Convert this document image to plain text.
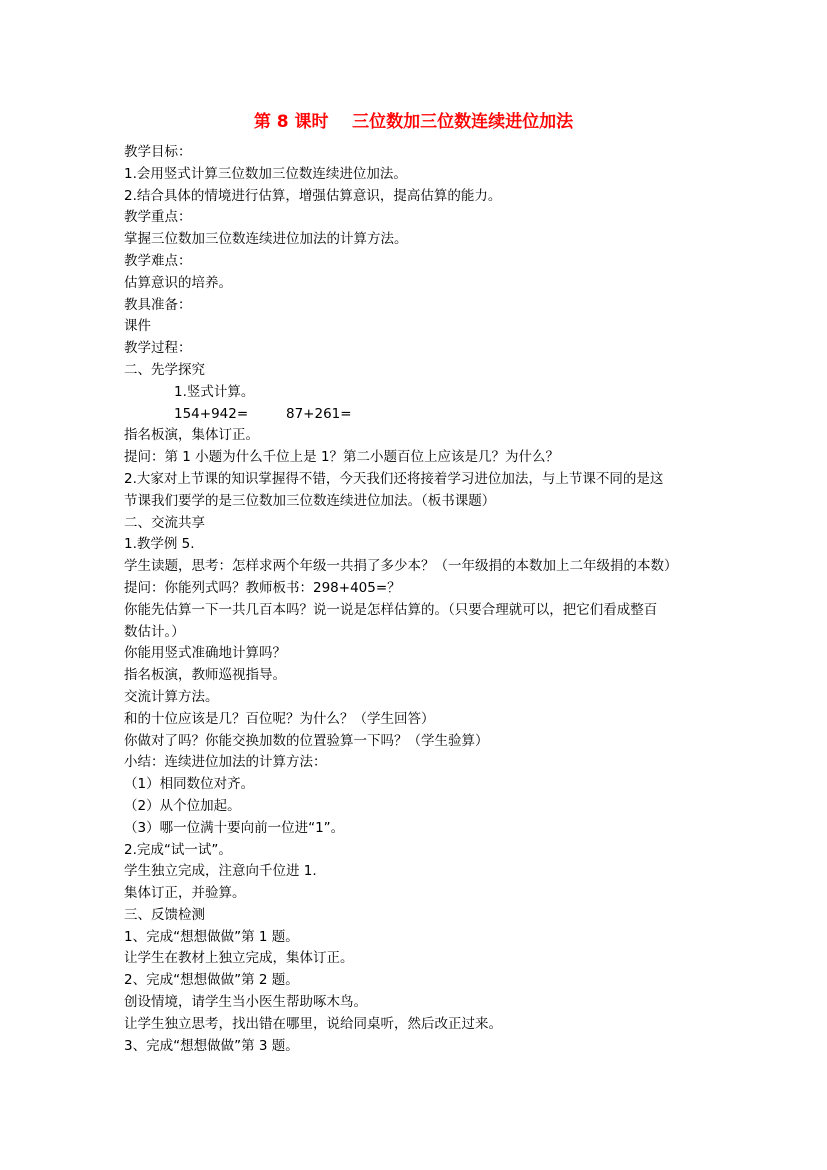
第 8 课时    三位数加三位数连续进位加法
教学目标：
1.会用竖式计算三位数加三位数连续进位加法。
2.结合具体的情境进行估算，增强估算意识，提高估算的能力。
教学重点：
掌握三位数加三位数连续进位加法的计算方法。
教学难点：
估算意识的培养。
教具准备：
课件
教学过程：
二、先学探究
1.竖式计算。
154+942=	87+261=
指名板演，集体订正。
提问：第 1 小题为什么千位上是 1？第二小题百位上应该是几？为什么？
2.大家对上节课的知识掌握得不错，今天我们还将接着学习进位加法，与上节课不同的是这
节课我们要学的是三位数加三位数连续进位加法。（板书课题）
二、交流共享
1.教学例 5.
学生读题，思考：怎样求两个年级一共捐了多少本？（一年级捐的本数加上二年级捐的本数）
提问：你能列式吗？教师板书：298+405=？
你能先估算一下一共几百本吗？说一说是怎样估算的。（只要合理就可以，把它们看成整百
数估计。）
你能用竖式准确地计算吗？
指名板演，教师巡视指导。
交流计算方法。
和的十位应该是几？百位呢？为什么？（学生回答）
你做对了吗？你能交换加数的位置验算一下吗？（学生验算）
小结：连续进位加法的计算方法：
（1）相同数位对齐。
（2）从个位加起。
（3）哪一位满十要向前一位进“1”。
2.完成“试一试”。
学生独立完成，注意向千位进 1.
集体订正，并验算。
三、反馈检测
1、完成“想想做做”第 1 题。
让学生在教材上独立完成，集体订正。
2、完成“想想做做”第 2 题。
创设情境，请学生当小医生帮助啄木鸟。
让学生独立思考，找出错在哪里，说给同桌听，然后改正过来。
3、完成“想想做做”第 3 题。
